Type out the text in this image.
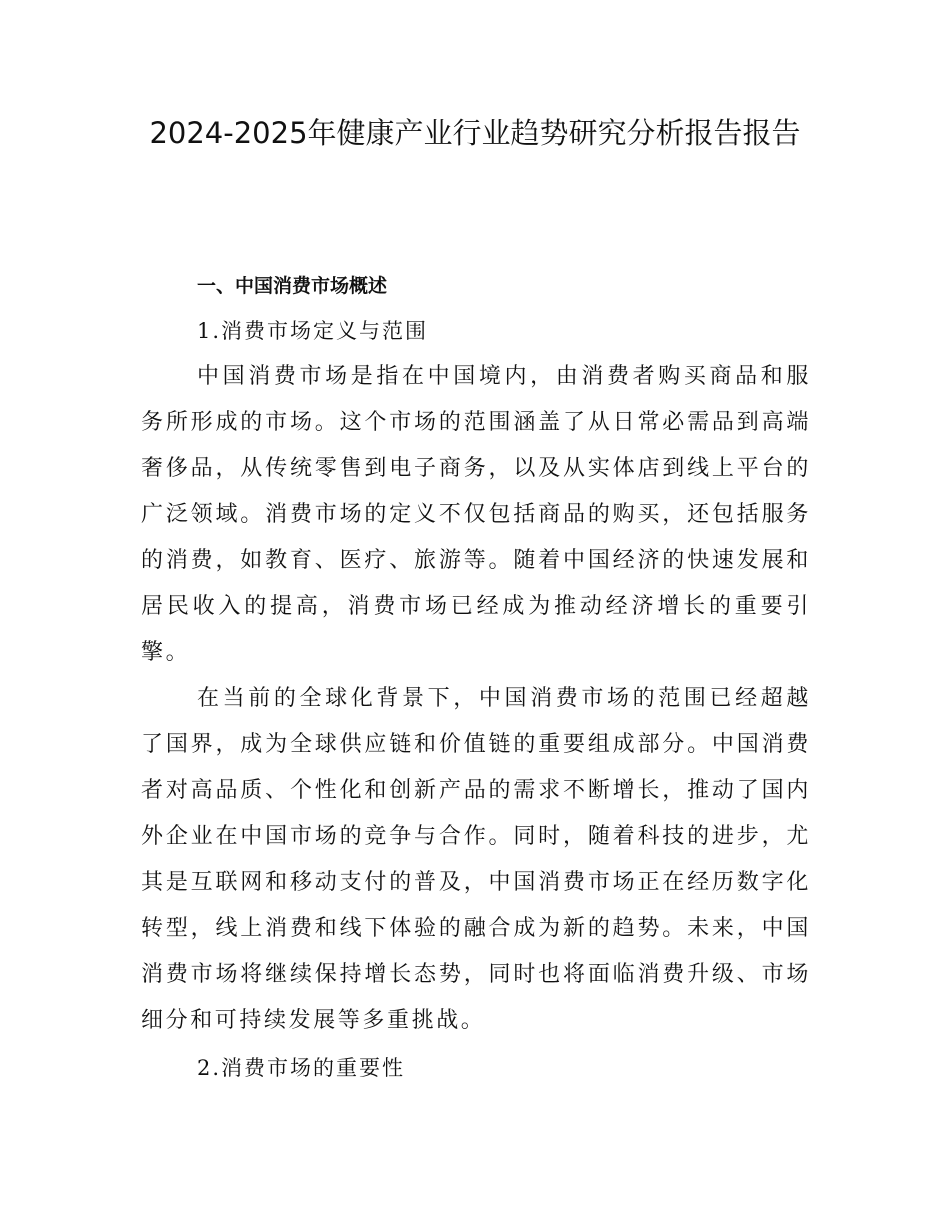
2024-2025年健康产业行业趋势研究分析报告报告
一、中国消费市场概述
1.消费市场定义与范围

中国消费市场是指在中国境内，由消费者购买商品和服务所形成的市场。这个市场的范围涵盖了从日常必需品到高端奢侈品，从传统零售到电子商务，以及从实体店到线上平台的广泛领域。消费市场的定义不仅包括商品的购买，还包括服务的消费，如教育、医疗、旅游等。随着中国经济的快速发展和居民收入的提高，消费市场已经成为推动经济增长的重要引擎。

在当前的全球化背景下，中国消费市场的范围已经超越了国界，成为全球供应链和价值链的重要组成部分。中国消费者对高品质、个性化和创新产品的需求不断增长，推动了国内外企业在中国市场的竞争与合作。同时，随着科技的进步，尤其是互联网和移动支付的普及，中国消费市场正在经历数字化转型，线上消费和线下体验的融合成为新的趋势。未来，中国消费市场将继续保持增长态势，同时也将面临消费升级、市场细分和可持续发展等多重挑战。

2.消费市场的重要性
